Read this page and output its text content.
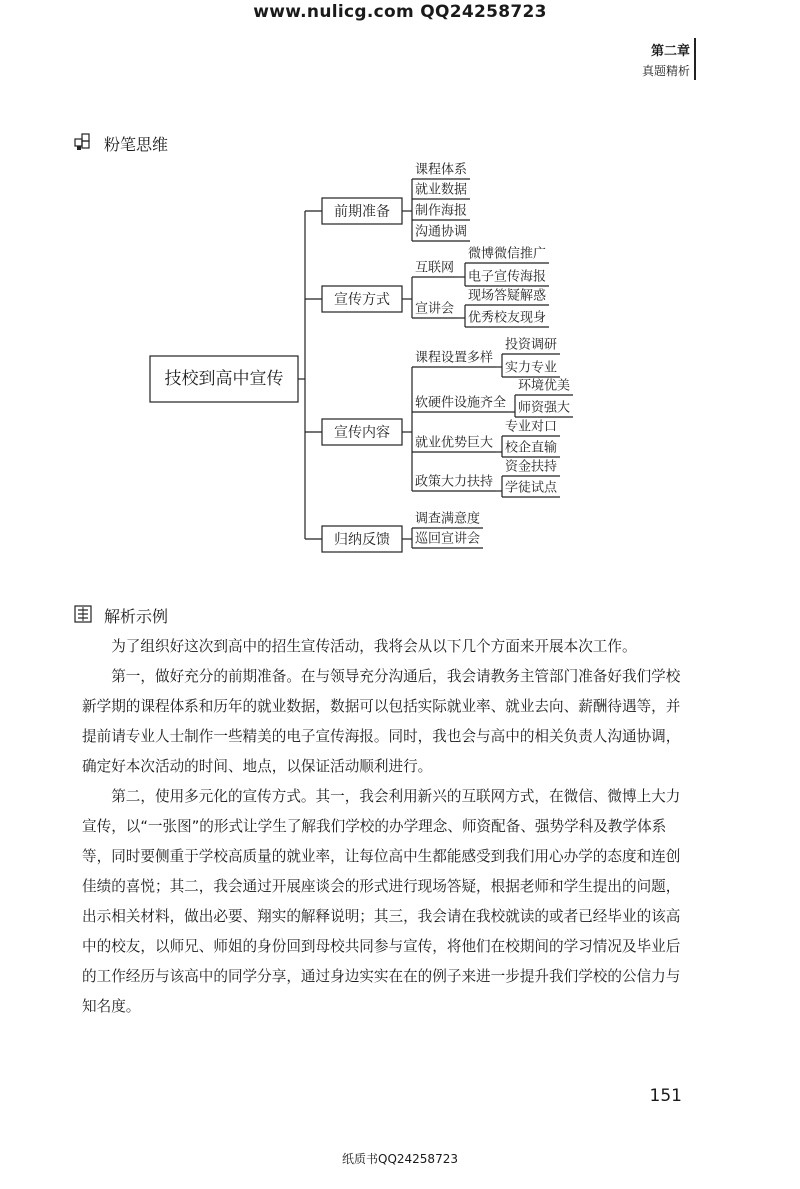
www.nulicg.com QQ24258723
第二章
真题精析
粉笔思维
技校到高中宣传
前期准备
宣传方式
宣传内容
归纳反馈
课程体系
就业数据
制作海报
沟通协调
互联网
微博微信推广
电子宣传海报
宣讲会
现场答疑解惑
优秀校友现身
课程设置多样
投资调研
实力专业
软硬件设施齐全
环境优美
师资强大
就业优势巨大
专业对口
校企直输
政策大力扶持
资金扶持
学徒试点
调查满意度
巡回宣讲会
解析示例

为了组织好这次到高中的招生宣传活动，我将会从以下几个方面来开展本次工作。

第一，做好充分的前期准备。在与领导充分沟通后，我会请教务主管部门准备好我们学校新学期的课程体系和历年的就业数据，数据可以包括实际就业率、就业去向、薪酬待遇等，并提前请专业人士制作一些精美的电子宣传海报。同时，我也会与高中的相关负责人沟通协调，确定好本次活动的时间、地点，以保证活动顺利进行。

第二，使用多元化的宣传方式。其一，我会利用新兴的互联网方式，在微信、微博上大力宣传，以“一张图”的形式让学生了解我们学校的办学理念、师资配备、强势学科及教学体系等，同时要侧重于学校高质量的就业率，让每位高中生都能感受到我们用心办学的态度和连创佳绩的喜悦；其二，我会通过开展座谈会的形式进行现场答疑，根据老师和学生提出的问题，出示相关材料，做出必要、翔实的解释说明；其三，我会请在我校就读的或者已经毕业的该高中的校友，以师兄、师姐的身份回到母校共同参与宣传，将他们在校期间的学习情况及毕业后的工作经历与该高中的同学分享，通过身边实实在在的例子来进一步提升我们学校的公信力与知名度。

151
纸质书QQ24258723
